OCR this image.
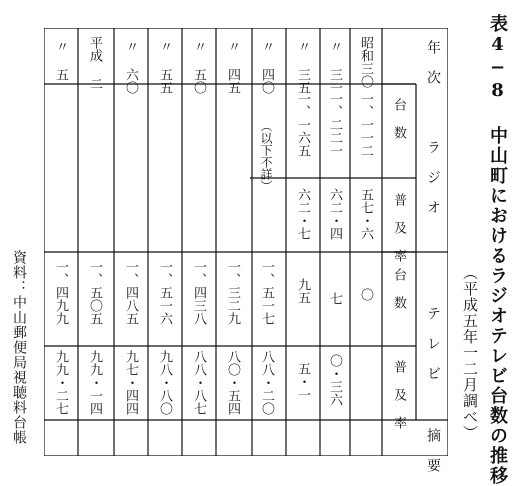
表4−8 中山町におけるラジオテレビ台数の推移
（平成五年一二月調べ）
資料：中山郵便局視聴料台帳
年 次
ラ ジ オ
テ レ ビ
摘 要
台 数
普 及 率
台 数
普 及 率
昭和三〇
一、一一二
五七・六
〇
〃 三一
一、二二一
六二・四
七
〇・三六
〃 三五
一、一六五
六二・七
九五
五・一
〃 四〇
（以下不詳）
一、五一七
八八・二〇
〃 四五
一、三二九
八〇・五四
〃 五〇
一、四三八
八八・八七
〃 五五
一、五一六
九八・八〇
〃 六〇
一、四八五
九七・四四
平成 二
一、五〇五
九九・一四
〃 五
一、四九九
九九・二七
